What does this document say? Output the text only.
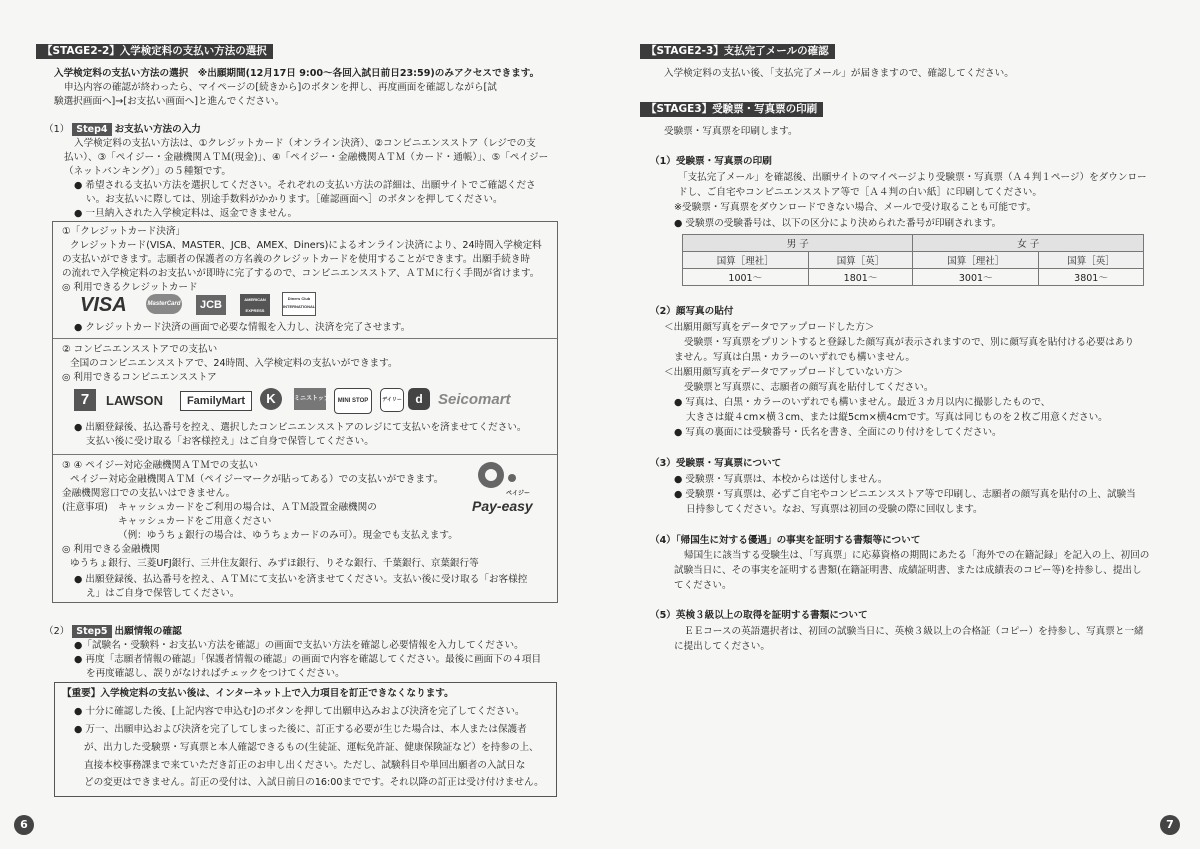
【STAGE2-2】入学検定料の支払い方法の選択
入学検定料の支払い方法の選択　 ※出願期間(12月17日 9:00～各回入試日前日23:59)のみアクセスできます。
申込内容の確認が終わったら、マイページの[続きから]のボタンを押し、再度画面を確認しながら[試
験選択画面へ]→[お支払い画面へ]と進んでください。
（1） Step4 お支払い方法の入力
入学検定料の支払い方法は、①クレジットカード（オンライン決済）、②コンビニエンスストア（レジでの支
払い）、③「ペイジー・金融機関ＡＴＭ(現金)」、④「ペイジー・金融機関ＡＴＭ（カード・通帳）」、⑤「ペイジー
（ネットバンキング）」の５種類です。
● 希望される支払い方法を選択してください。それぞれの支払い方法の詳細は、出願サイトでご確認くださ
い。お支払いに際しては、別途手数料がかかります。［確認画面へ］のボタンを押してください。
● 一旦納入された入学検定料は、返金できません。
①「クレジットカード決済」
クレジットカード(VISA、MASTER、JCB、AMEX、Diners)によるオンライン決済により、24時間入学検定料
の支払いができます。志願者の保護者の方名義のクレジットカードを使用することができます。出願手続き時
の流れで入学検定料のお支払いが即時に完了するので、コンビニエンスストア、ＡＴＭに行く手間が省けます。
◎ 利用できるクレジットカード
VISA	MasterCard	JCB	AMERICAN EXPRESS
Diners Club INTERNATIONAL
● クレジットカード決済の画面で必要な情報を入力し、決済を完了させます。
② コンビニエンスストアでの支払い
全国のコンビニエンスストアで、24時間、入学検定料の支払いができます。
◎ 利用できるコンビニエンスストア
7	LAWSON	FamilyMart	K	ミニストップ	MINI STOP	デイリー	d	Seicomart
● 出願登録後、払込番号を控え、選択したコンビニエンスストアのレジにて支払いを済ませてください。
支払い後に受け取る「お客様控え」はご自身で保管してください。
③ ④ ペイジー対応金融機関ＡＴＭでの支払い
ペイジー対応金融機関ＡＴＭ（ペイジーマークが貼ってある）での支払いができます。
金融機関窓口での支払いはできません。
(注意事項) キャッシュカードをご利用の場合は、ＡＴＭ設置金融機関の
キャッシュカードをご用意ください
（例：ゆうちょ銀行の場合は、ゆうちょカードのみ可）。現金でも支払えます。
ペイジー
Pay-easy
◎ 利用できる金融機関
ゆうちょ銀行、三菱UFJ銀行、三井住友銀行、みずほ銀行、りそな銀行、千葉銀行、京葉銀行等
● 出願登録後、払込番号を控え、ＡＴＭにて支払いを済ませてください。支払い後に受け取る「お客様控
え」はご自身で保管してください。
（2） Step5 出願情報の確認
●「試験名・受験料・お支払い方法を確認」の画面で支払い方法を確認し必要情報を入力してください。
● 再度「志願者情報の確認」「保護者情報の確認」の画面で内容を確認してください。最後に画面下の４項目
を再度確認し、誤りがなければチェックをつけてください。
【重要】入学検定料の支払い後は、インターネット上で入力項目を訂正できなくなります。
● 十分に確認した後、[上記内容で申込む]のボタンを押して出願申込みおよび決済を完了してください。
● 万一、出願申込および決済を完了してしまった後に、訂正する必要が生じた場合は、本人または保護者
が、出力した受験票・写真票と本人確認できるもの(生徒証、運転免許証、健康保険証など）を持参の上、
直接本校事務課まで来ていただき訂正のお申し出ください。ただし、試験科目や単回出願者の入試日な
どの変更はできません。訂正の受付は、入試日前日の16:00までです。それ以降の訂正は受け付けません。
6
【STAGE2-3】支払完了メールの確認
入学検定料の支払い後、「支払完了メール」が届きますので、確認してください。
【STAGE3】受験票・写真票の印刷
受験票・写真票を印刷します。
（1）受験票・写真票の印刷
「支払完了メール」を確認後、出願サイトのマイページより受験票・写真票（Ａ４判１ページ）をダウンロー
ドし、ご自宅やコンビニエンスストア等で［Ａ４判の白い紙］に印刷してください。
※受験票・写真票をダウンロードできない場合、メールで受け取ることも可能です。
● 受験票の受験番号は、以下の区分により決められた番号が印刷されます。
男 子		女 子	
国算［理社］	国算［英］	国算［理社］	国算［英］
1001～	1801～	3001～	3801～
（2）顔写真の貼付
＜出願用顔写真をデータでアップロードした方＞
受験票・写真票をプリントすると登録した顔写真が表示されますので、別に顔写真を貼付ける必要はあり
ません。写真は白黒・カラーのいずれでも構いません。
＜出願用顔写真をデータでアップロードしていない方＞
受験票と写真票に、志願者の顔写真を貼付してください。
● 写真は、白黒・カラーのいずれでも構いません。最近３カ月以内に撮影したもので、
大きさは縦４cm×横３cm、または縦5cm×横4cmです。写真は同じものを２枚ご用意ください。
● 写真の裏面には受験番号・氏名を書き、全面にのり付けをしてください。
（3）受験票・写真票について
● 受験票・写真票は、本校からは送付しません。
● 受験票・写真票は、必ずご自宅やコンビニエンスストア等で印刷し、志願者の顔写真を貼付の上、試験当
日持参してください。なお、写真票は初回の受験の際に回収します。
（4）「帰国生に対する優遇」の事実を証明する書類等について
帰国生に該当する受験生は、「写真票」に応募資格の期間にあたる「海外での在籍記録」を記入の上、初回の
試験当日に、その事実を証明する書類(在籍証明書、成績証明書、または成績表のコピー等)を持参し、提出し
てください。
（5）英検３級以上の取得を証明する書類について
ＥＥコースの英語選択者は、初回の試験当日に、英検３級以上の合格証（コピー）を持参し、写真票と一緒
に提出してください。
7
